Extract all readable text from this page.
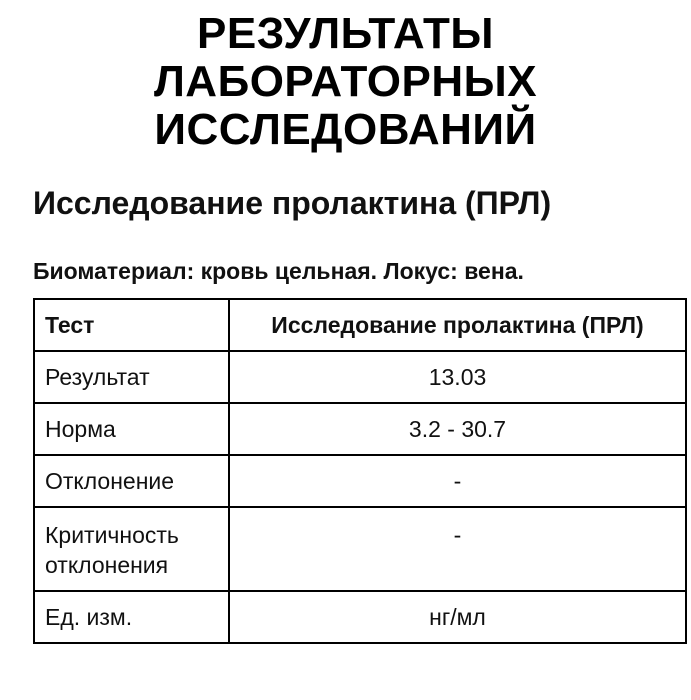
РЕЗУЛЬТАТЫ
ЛАБОРАТОРНЫХ
ИССЛЕДОВАНИЙ
Исследование пролактина (ПРЛ)
Биоматериал: кровь цельная. Локус: вена.
Тест	Исследование пролактина (ПРЛ)
Результат	13.03
Норма	3.2 - 30.7
Отклонение	-
Критичность отклонения	-
Ед. изм.	нг/мл
